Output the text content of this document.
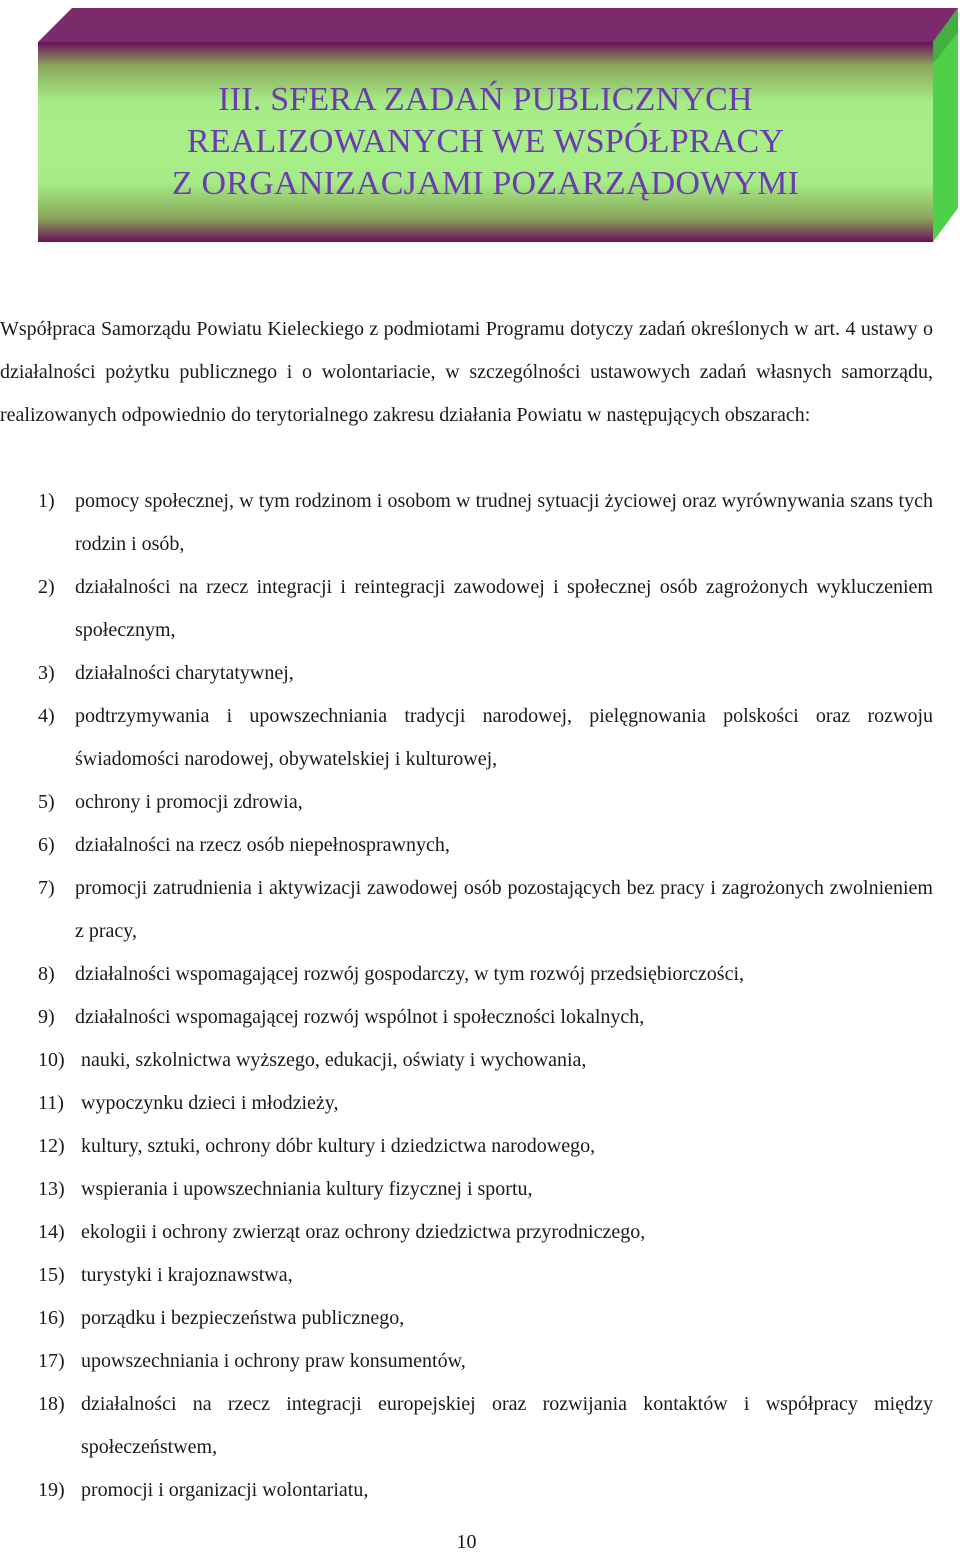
III. SFERA ZADAŃ PUBLICZNYCH
REALIZOWANYCH WE WSPÓŁPRACY
Z ORGANIZACJAMI POZARZĄDOWYMI

Współpraca Samorządu Powiatu Kieleckiego z podmiotami Programu dotyczy zadań określonych w art. 4 ustawy o działalności pożytku publicznego i o wolontariacie, w szczególności ustawowych zadań własnych samorządu, realizowanych odpowiednio do terytorialnego zakresu działania Powiatu w następujących obszarach:

1)	pomocy społecznej, w tym rodzinom i osobom w trudnej sytuacji życiowej oraz wyrównywania szans tych rodzin i osób,
2)	działalności na rzecz integracji i reintegracji zawodowej i społecznej osób zagrożonych wykluczeniem społecznym,
3)	działalności charytatywnej,
4)	podtrzymywania i upowszechniania tradycji narodowej, pielęgnowania polskości oraz rozwoju świadomości narodowej, obywatelskiej i kulturowej,
5)	ochrony i promocji zdrowia,
6)	działalności na rzecz osób niepełnosprawnych,
7)	promocji zatrudnienia i aktywizacji zawodowej osób pozostających bez pracy i zagrożonych zwolnieniem z pracy,
8)	działalności wspomagającej rozwój gospodarczy, w tym rozwój przedsiębiorczości,
9)	działalności wspomagającej rozwój wspólnot i społeczności lokalnych,
10) nauki, szkolnictwa wyższego, edukacji, oświaty i wychowania,
11) wypoczynku dzieci i młodzieży,
12) kultury, sztuki, ochrony dóbr kultury i dziedzictwa narodowego,
13) wspierania i upowszechniania kultury fizycznej i sportu,
14) ekologii i ochrony zwierząt oraz ochrony dziedzictwa przyrodniczego,
15) turystyki i krajoznawstwa,
16) porządku i bezpieczeństwa publicznego,
17) upowszechniania i ochrony praw konsumentów,
18) działalności na rzecz integracji europejskiej oraz rozwijania kontaktów i współpracy między społeczeństwem,
19) promocji i organizacji wolontariatu,
10
